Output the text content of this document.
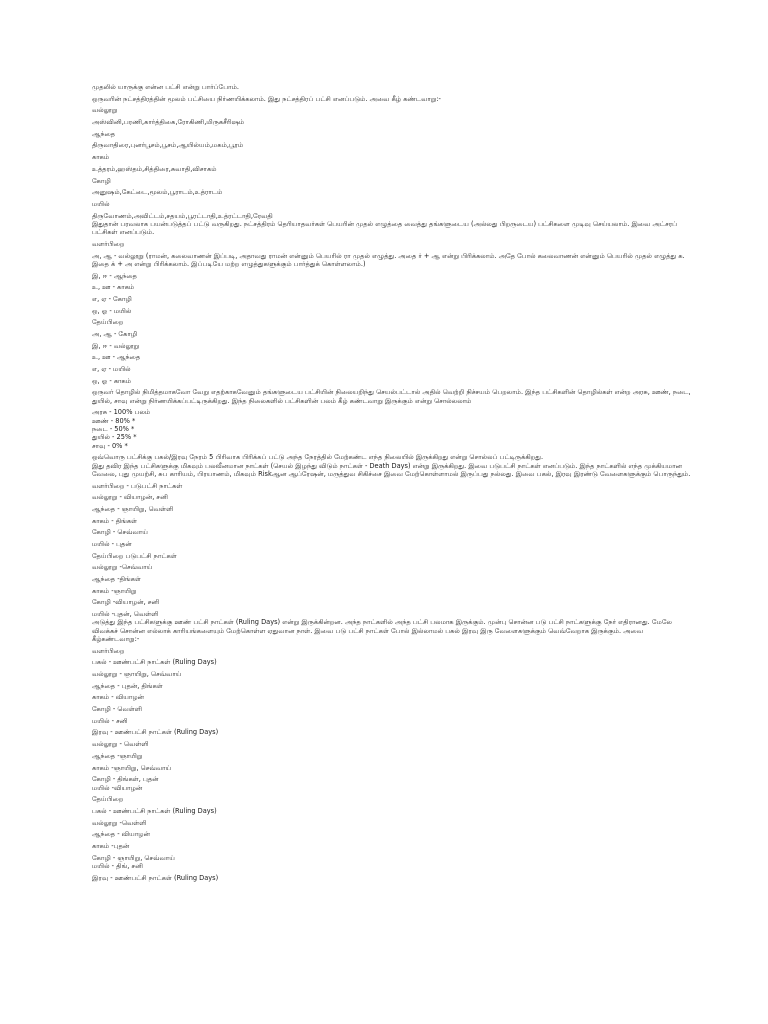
முதலில் யாருக்கு என்ன பட்சி என்று பார்ப்போம்.

ஒருவரின் நட்சத்திரத்தின் மூலம் பட்சியை நிர்ணயிக்கலாம். இது நட்சத்திரப் பட்சி எனப்படும். அவை கீழ் கண்டவாறு:-

வல்லூறு

அஸ்வினி,பரணி,கார்த்திகை,ரோகிணி,மிருகசீரிஷம்

ஆந்தை

திருவாதிரை,புனர்பூசம்,பூசம்,ஆயில்யம்,மகம்,பூரம்

காகம்

உத்தரம்,ஹஸ்தம்,சித்திரை,சுவாதி,விசாகம்

கோழி

அனுஷம்,கேட்டை,மூலம்,பூராடம்,உத்ராடம்

மயில்

திருவோணம்,அவிட்டம்,சதயம்,பூரட்டாதி,உத்ரட்டாதி,ரேவதி

இதுதான் பரவலாக பயன்படுத்தப் பட்டு வருகிறது. நட்சத்திரம் தெரியாதவர்கள் பெயரின் முதல் எழுத்தை வைத்து தங்களுடைய (அல்லது பிறருடைய) பட்சிகளை முடிவு செய்யலாம். இவை அட்சரப் பட்சிகள் எனப்படும்.

வளர்பிறை

அ, ஆ - வல்லூறு (ராமன், கலைவாணன் இப்படி, அதாவது ராமன் என்னும் பெயரில் ரா முதல் எழுத்து. அதை ர் + ஆ என்று பிரிக்கலாம். அதே போல் கலைவாணன் என்னும் பெயரில் முதல் எழுத்து க. இதை க் + அ என்று பிரிக்கலாம். இப்படியே மற்ற எழுத்துகளுக்கும் பார்த்துக் கொள்ளலாம்.)

இ, ஈ - ஆந்தை

உ, ஊ - காகம்

எ, ஏ - கோழி

ஒ, ஓ - மயில்

தேய்பிறை

அ, ஆ - கோழி

இ, ஈ - வல்லூறு

உ, ஊ - ஆந்தை

எ, ஏ - மயில்

ஒ, ஓ - காகம்

ஒருவர் தொழில் நிமித்தமாகவோ வேறு எதற்காகவேனும் தங்களுடைய பட்சியின் நிலையறிந்து செயல்பட்டால் அதில் வெற்றி நிச்சயம் பெறலாம். இந்த பட்சிகளின் தொழில்கள் என்ற அரசு, ஊண், நடை, துயில், சாவு என்று நிர்ணயிக்கப்பட்டிருக்கிறது. இந்த நிலைகளில் பட்சிகளின் பலம் கீழ் கண்டவாறு இருக்கும் என்று சொல்லலாம்

அரசு - 100% பலம்

ஊண் - 80% *

நடை - 50% *

துயில் - 25% *

சாவு - 0% *

ஒவ்வொரு பட்சிக்கு பகல்/இரவு நேரம் 5 பிரிவாக பிரிக்கப் பட்டு அந்த நேரத்தில் மேற்கண்ட எந்த நிலையில் இருக்கிறது என்று சொல்லப் பட்டிருக்கிறது.

இது தவிர இந்த பட்சிகளுக்கு மிகவும் பலவீனமான நாட்கள் (செயல் இழந்து விடும் நாட்கள் - Death Days) என்று இருக்கிறது. இவை படுபட்சி நாட்கள் எனப்படும். இந்த நாட்களில் எந்த முக்கியமான வேலை, புது முயற்சி, சுப காரியம், பிரயாணம், மிகவும் Riskஆன ஆப்ரேஷன், மருத்துவ சிகிச்சை இவை மேற்கொள்ளாமல் இருப்பது நல்லது. இவை பகல், இரவு இரண்டு வேளைகளுக்கும் பொருந்தும்.

வளர்பிறை - படுபட்சி நாட்கள்

வல்லூறு - வியாழன், சனி

ஆந்தை - ஞாயிறு, வெள்ளி

காகம் - திங்கள்

கோழி - செவ்வாய்

மயில் - புதன்

தேய்பிறை படுபட்சி நாட்கள்

வல்லூறு -செவ்வாய்

ஆந்தை -திங்கள்

காகம் -ஞாயிறு

கோழி -வியாழன், சனி

மயில் -புதன், வெள்ளி

அடுத்து இந்த பட்சிகளுக்கு ஊண் பட்சி நாட்கள் (Ruling Days) என்று இருக்கின்றன. அந்த நாட்களில் அந்த பட்சி பலமாக இருக்கும். முன்பு சொன்ன படு பட்சி நாட்களுக்கு நேர் எதிரானது. மேலே விவக்கச் சொன்ன எல்லாக் காரியங்களையும் மேற்கொள்ள ஏதுவான நாள். இவை படு பட்சி நாட்கள் போல் இல்லாமல் பகல் இரவு இரு வேளைகளுக்கும் வெவ்வேறாக இருக்கும். அவை கீழ்கண்டவாறு:-

வளர்பிறை

பகல் - ஊண்பட்சி நாட்கள் (Ruling Days)

வல்லூறு - ஞாயிறு, செவ்வாய்

ஆந்தை - புதன், திங்கள்

காகம் - வியாழன்

கோழி - வெள்ளி

மயில் - சனி

இரவு - ஊண்பட்சி நாட்கள் (Ruling Days)

வல்லூறு - வெள்ளி

ஆந்தை -ஞாயிறு

காகம் -ஞாயிறு, செவ்வாய்

கோழி - திங்கள், புதன்

மயில் -வியாழன்

தேய்பிறை

பகல் - ஊண்பட்சி நாட்கள் (Ruling Days)

வல்லூறு -வெள்ளி

ஆந்தை - வியாழன்

காகம் -புதன்

கோழி - ஞாயிறு, செவ்வாய்

மயில் - திங், சனி

இரவு - ஊண்பட்சி நாட்கள் (Ruling Days)
